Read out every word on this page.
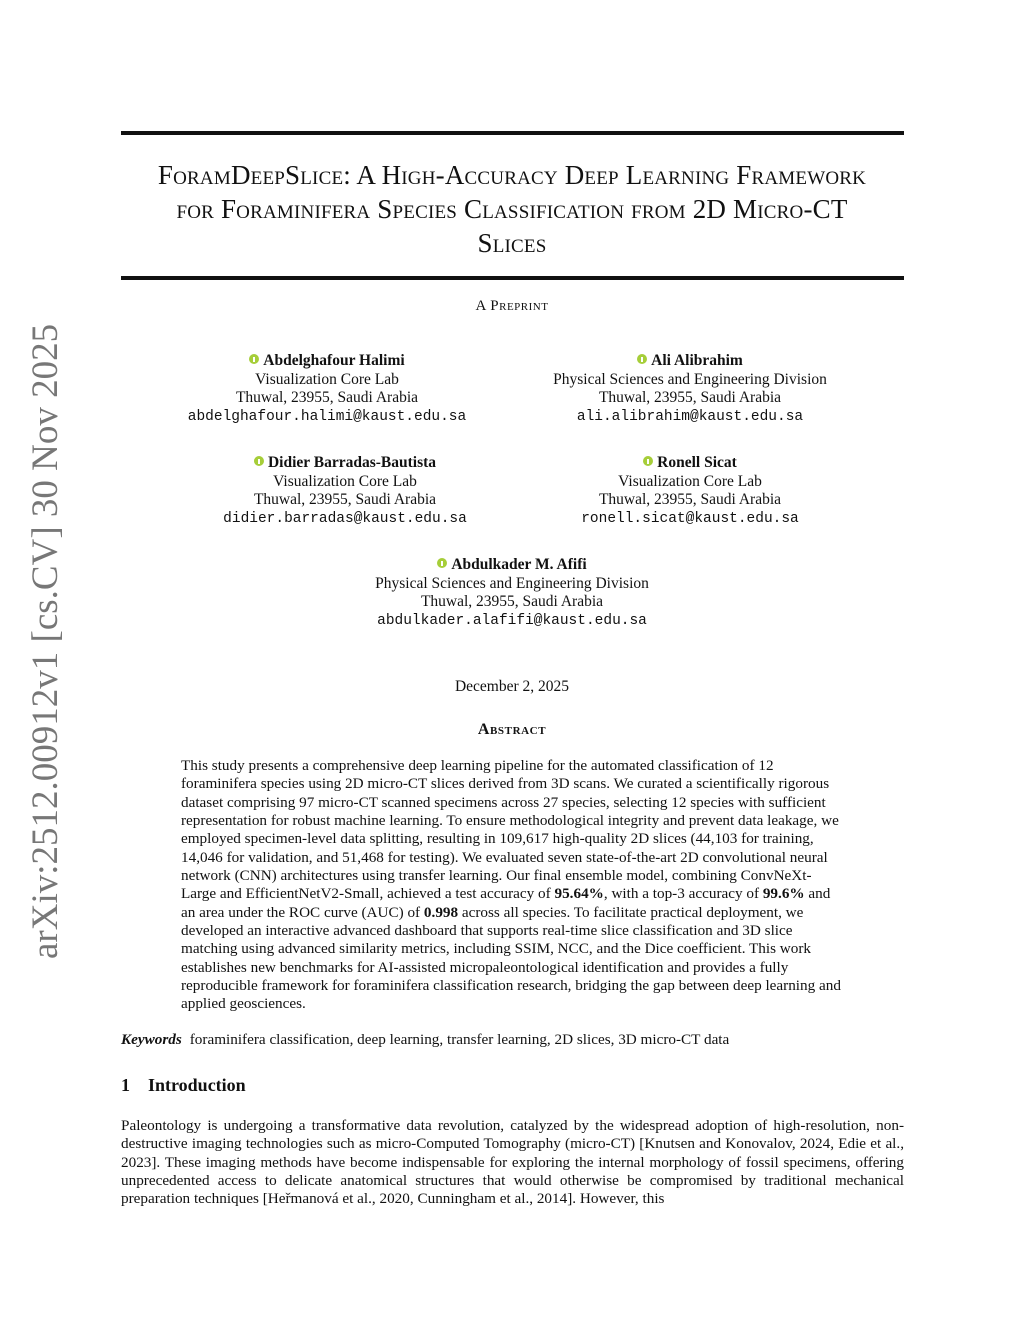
arXiv:2512.00912v1 [cs.CV] 30 Nov 2025
ForamDeepSlice: A High-Accuracy Deep Learning Framework
for Foraminifera Species Classification from 2D Micro-CT
Slices
A Preprint
Abdelghafour Halimi
Visualization Core Lab
Thuwal, 23955, Saudi Arabia
abdelghafour.halimi@kaust.edu.sa
Ali Alibrahim
Physical Sciences and Engineering Division
Thuwal, 23955, Saudi Arabia
ali.alibrahim@kaust.edu.sa
Didier Barradas-Bautista
Visualization Core Lab
Thuwal, 23955, Saudi Arabia
didier.barradas@kaust.edu.sa
Ronell Sicat
Visualization Core Lab
Thuwal, 23955, Saudi Arabia
ronell.sicat@kaust.edu.sa
Abdulkader M. Afifi
Physical Sciences and Engineering Division
Thuwal, 23955, Saudi Arabia
abdulkader.alafifi@kaust.edu.sa
December 2, 2025
Abstract

This study presents a comprehensive deep learning pipeline for the automated classification of 12 foraminifera species using 2D micro-CT slices derived from 3D scans. We curated a scientifically rigorous dataset comprising 97 micro-CT scanned specimens across 27 species, selecting 12 species with sufficient representation for robust machine learning. To ensure methodological integrity and prevent data leakage, we employed specimen-level data splitting, resulting in 109,617 high-quality 2D slices (44,103 for training, 14,046 for validation, and 51,468 for testing). We evaluated seven state-of-the-art 2D convolutional neural network (CNN) architectures using transfer learning. Our final ensemble model, combining ConvNeXt-Large and EfficientNetV2-Small, achieved a test accuracy of 95.64%, with a top-3 accuracy of 99.6% and an area under the ROC curve (AUC) of 0.998 across all species. To facilitate practical deployment, we developed an interactive advanced dashboard that supports real-time slice classification and 3D slice matching using advanced similarity metrics, including SSIM, NCC, and the Dice coefficient. This work establishes new benchmarks for AI-assisted micropaleontological identification and provides a fully reproducible framework for foraminifera classification research, bridging the gap between deep learning and applied geosciences.

Keywords foraminifera classification, deep learning, transfer learning, 2D slices, 3D micro-CT data
1 Introduction

Paleontology is undergoing a transformative data revolution, catalyzed by the widespread adoption of high-resolution, non-destructive imaging technologies such as micro-Computed Tomography (micro-CT) [Knutsen and Konovalov, 2024, Edie et al., 2023]. These imaging methods have become indispensable for exploring the internal morphology of fossil specimens, offering unprecedented access to delicate anatomical structures that would otherwise be compromised by traditional mechanical preparation techniques [Heřmanová et al., 2020, Cunningham et al., 2014]. However, this
